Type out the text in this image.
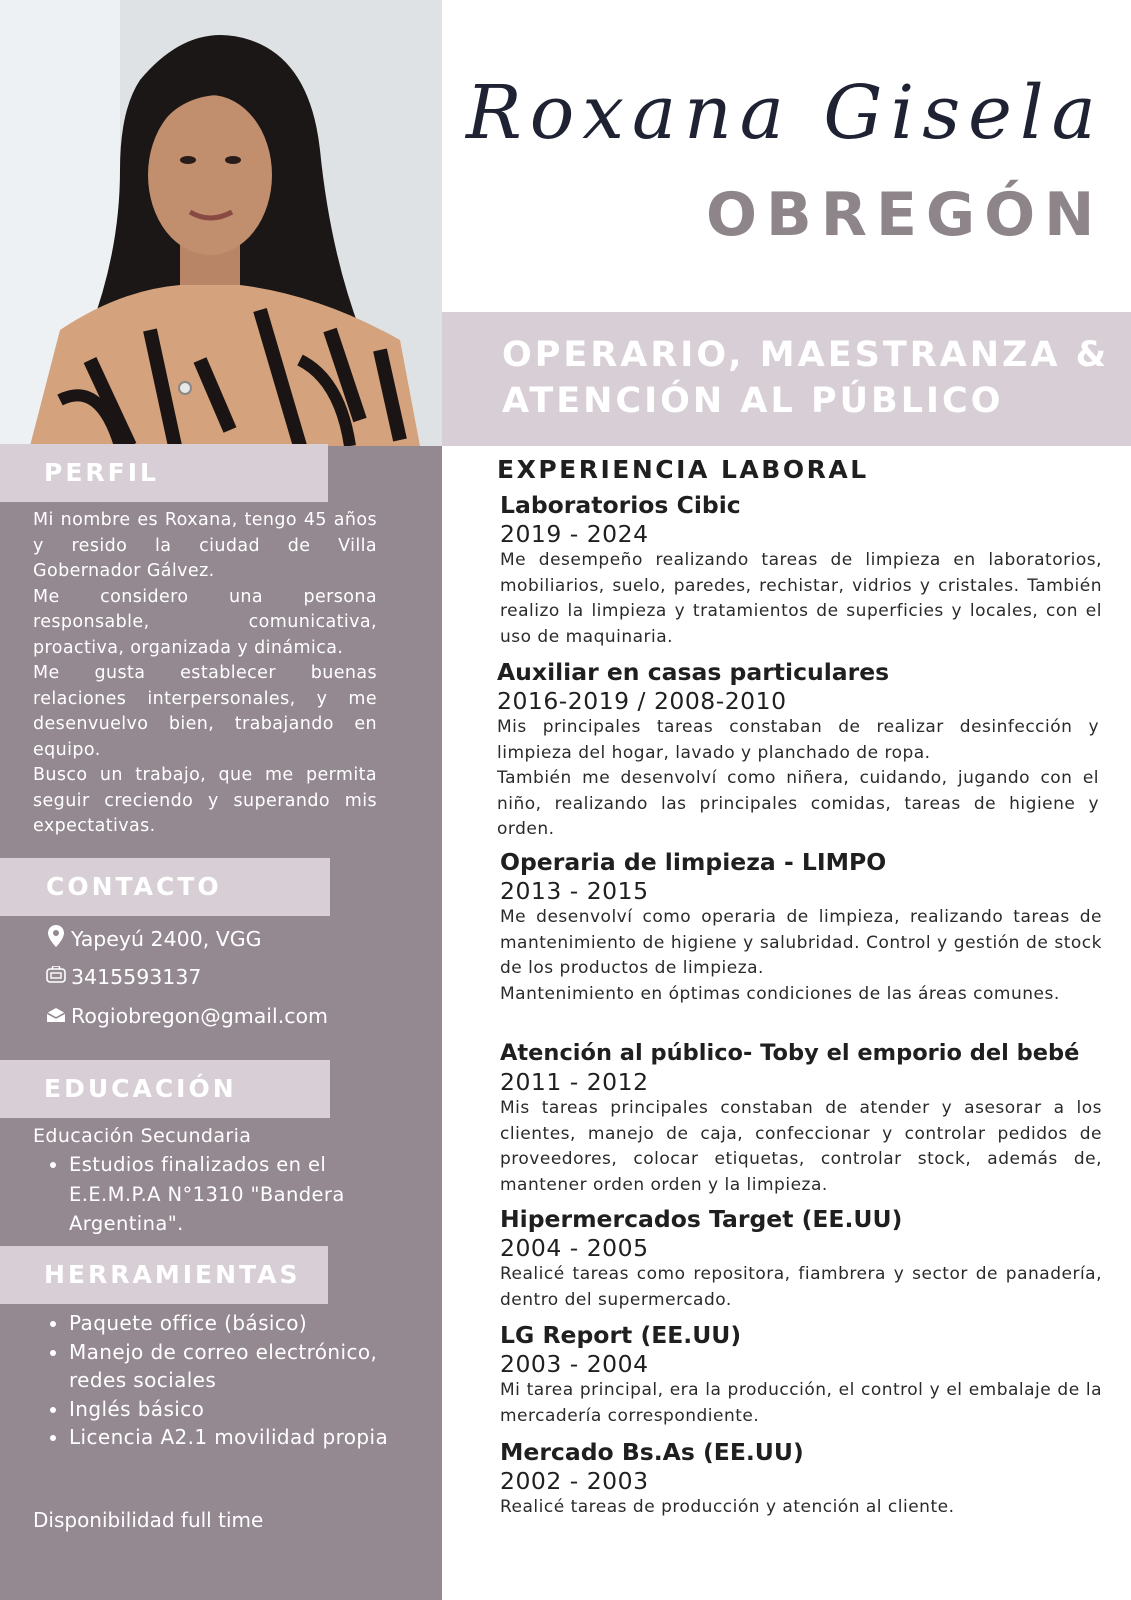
PERFIL

Mi nombre es Roxana, tengo 45 años y resido la ciudad de Villa Gobernador Gálvez.

Me considero una persona responsable, comunicativa, proactiva, organizada y dinámica.

Me gusta establecer buenas relaciones interpersonales, y me desenvuelvo bien, trabajando en equipo.

Busco un trabajo, que me permita seguir creciendo y superando mis expectativas.

CONTACTO
Yapeyú 2400, VGG
3415593137
Rogiobregon@gmail.com
EDUCACIÓN
Educación Secundaria
Estudios finalizados en el E.E.M.P.A N°1310 "Bandera Argentina".
HERRAMIENTAS
Paquete office (básico)
Manejo de correo electrónico, redes sociales
Inglés básico
Licencia A2.1 movilidad propia
Disponibilidad full time
Roxana Gisela
OBREGÓN
OPERARIO, MAESTRANZA &
ATENCIÓN AL PÚBLICO
EXPERIENCIA LABORAL
Laboratorios Cibic
2019 - 2024

Me desempeño realizando tareas de limpieza en laboratorios, mobiliarios, suelo, paredes, rechistar, vidrios y cristales. También realizo la limpieza y tratamientos de superficies y locales, con el uso de maquinaria.

Auxiliar en casas particulares
2016-2019 / 2008-2010

Mis principales tareas constaban de realizar desinfección y limpieza del hogar, lavado y planchado de ropa.

También me desenvolví como niñera, cuidando, jugando con el niño, realizando las principales comidas, tareas de higiene y orden.

Operaria de limpieza - LIMPO
2013 - 2015

Me desenvolví como operaria de limpieza, realizando tareas de mantenimiento de higiene y salubridad. Control y gestión de stock de los productos de limpieza.

Mantenimiento en óptimas condiciones de las áreas comunes.

Atención al público- Toby el emporio del bebé
2011 - 2012

Mis tareas principales constaban de atender y asesorar a los clientes, manejo de caja, confeccionar y controlar pedidos de proveedores, colocar etiquetas, controlar stock, además de, mantener orden orden y la limpieza.

Hipermercados Target (EE.UU)
2004 - 2005

Realicé tareas como repositora, fiambrera y sector de panadería, dentro del supermercado.

LG Report (EE.UU)
2003 - 2004

Mi tarea principal, era la producción, el control y el embalaje de la mercadería correspondiente.

Mercado Bs.As (EE.UU)
2002 - 2003

Realicé tareas de producción y atención al cliente.
